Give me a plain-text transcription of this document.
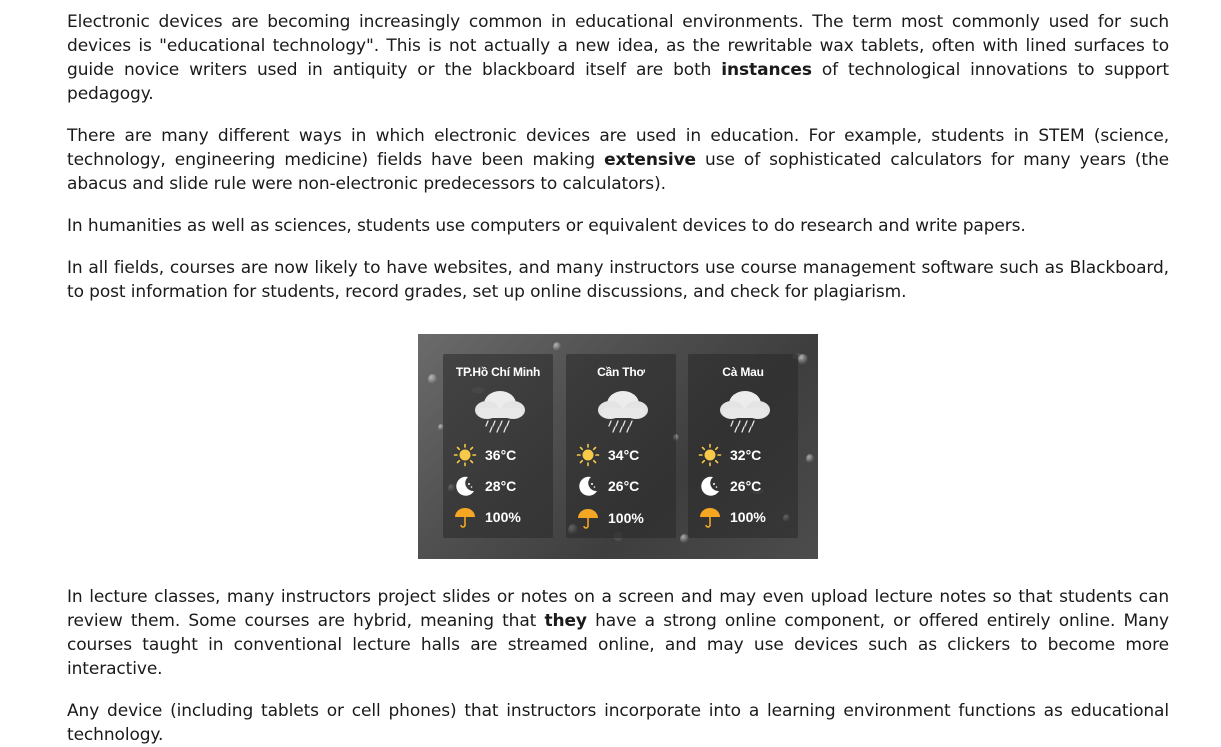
Electronic devices are becoming increasingly common in educational environments. The term most commonly used for such devices is "educational technology". This is not actually a new idea, as the rewritable wax tablets, often with lined surfaces to guide novice writers used in antiquity or the blackboard itself are both instances of technological innovations to support pedagogy.

There are many different ways in which electronic devices are used in education. For example, students in STEM (science, technology, engineering medicine) fields have been making extensive use of sophisticated calculators for many years (the abacus and slide rule were non-electronic predecessors to calculators).

In humanities as well as sciences, students use computers or equivalent devices to do research and write papers.

In all fields, courses are now likely to have websites, and many instructors use course management software such as Blackboard, to post information for students, record grades, set up online discussions, and check for plagiarism.

TP.Hồ Chí Minh
36°C
28°C
100%
Cần Thơ
34°C
26°C
100%
Cà Mau
32°C
26°C
100%

In lecture classes, many instructors project slides or notes on a screen and may even upload lecture notes so that students can review them. Some courses are hybrid, meaning that they have a strong online component, or offered entirely online. Many courses taught in conventional lecture halls are streamed online, and may use devices such as clickers to become more interactive.

Any device (including tablets or cell phones) that instructors incorporate into a learning environment functions as educational technology.
